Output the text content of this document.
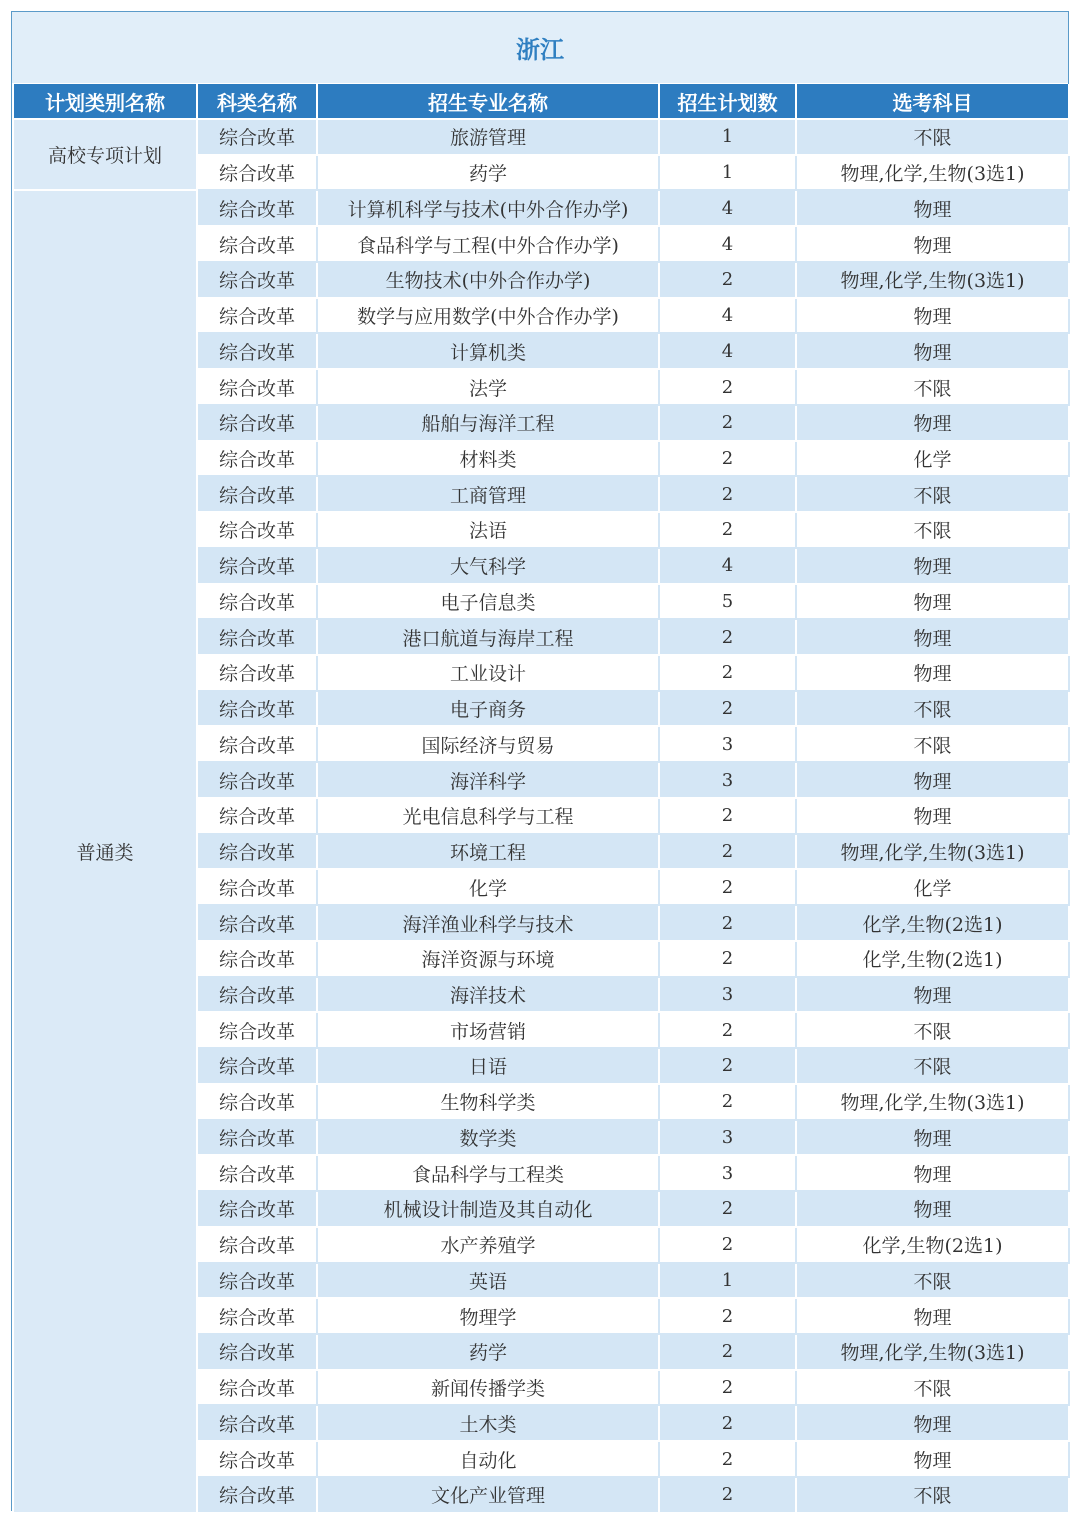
浙江
计划类别名称	科类名称	招生专业名称	招生计划数	选考科目
高校专项计划	综合改革	旅游管理	1	不限
	综合改革	药学	1	物理,化学,生物(3选1)
普通类	综合改革	计算机科学与技术(中外合作办学)	4	物理
	综合改革	食品科学与工程(中外合作办学)	4	物理
	综合改革	生物技术(中外合作办学)	2	物理,化学,生物(3选1)
	综合改革	数学与应用数学(中外合作办学)	4	物理
	综合改革	计算机类	4	物理
	综合改革	法学	2	不限
	综合改革	船舶与海洋工程	2	物理
	综合改革	材料类	2	化学
	综合改革	工商管理	2	不限
	综合改革	法语	2	不限
	综合改革	大气科学	4	物理
	综合改革	电子信息类	5	物理
	综合改革	港口航道与海岸工程	2	物理
	综合改革	工业设计	2	物理
	综合改革	电子商务	2	不限
	综合改革	国际经济与贸易	3	不限
	综合改革	海洋科学	3	物理
	综合改革	光电信息科学与工程	2	物理
	综合改革	环境工程	2	物理,化学,生物(3选1)
	综合改革	化学	2	化学
	综合改革	海洋渔业科学与技术	2	化学,生物(2选1)
	综合改革	海洋资源与环境	2	化学,生物(2选1)
	综合改革	海洋技术	3	物理
	综合改革	市场营销	2	不限
	综合改革	日语	2	不限
	综合改革	生物科学类	2	物理,化学,生物(3选1)
	综合改革	数学类	3	物理
	综合改革	食品科学与工程类	3	物理
	综合改革	机械设计制造及其自动化	2	物理
	综合改革	水产养殖学	2	化学,生物(2选1)
	综合改革	英语	1	不限
	综合改革	物理学	2	物理
	综合改革	药学	2	物理,化学,生物(3选1)
	综合改革	新闻传播学类	2	不限
	综合改革	土木类	2	物理
	综合改革	自动化	2	物理
	综合改革	文化产业管理	2	不限
